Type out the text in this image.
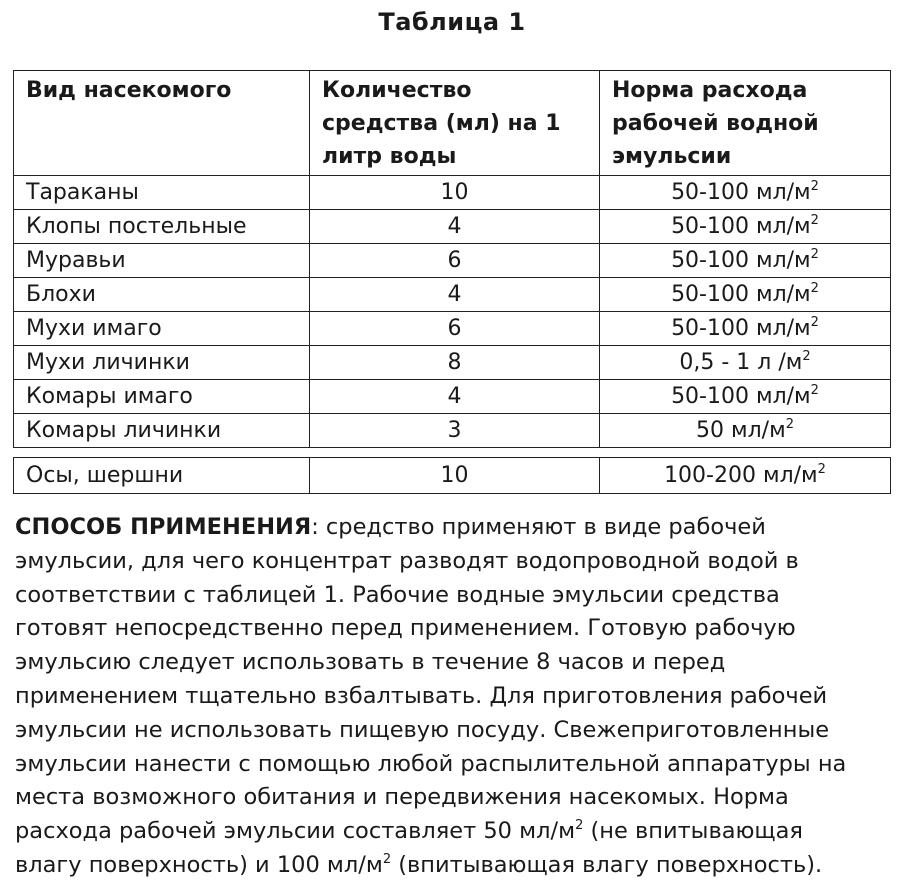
Таблица 1
Вид насекомого	Количество средства (мл) на 1 литр воды	Норма расхода рабочей водной эмульсии
Тараканы	10	50-100 $мл/м^2$
Клопы постельные	4	50-100 $мл/м^2$
Муравьи	6	50-100 $мл/м^2$
Блохи	4	50-100 $мл/м^2$
Мухи имаго	6	50-100 $мл/м^2$
Мухи личинки	8	0,5 - 1 л $/м^2$
Комары имаго	4	50-100 $мл/м^2$
Комары личинки	3	50 $мл/м^2$
Осы, шершни	10	100-200 $мл/м^2$
СПОСОБ ПРИМЕНЕНИЯ: средство применяют в виде рабочей
эмульсии, для чего концентрат разводят водопроводной водой в
соответствии с таблицей 1. Рабочие водные эмульсии средства
готовят непосредственно перед применением. Готовую рабочую
эмульсию следует использовать в течение 8 часов и перед
применением тщательно взбалтывать. Для приготовления рабочей
эмульсии не использовать пищевую посуду. Свежеприготовленные
эмульсии нанести с помощью любой распылительной аппаратуры на
места возможного обитания и передвижения насекомых. Норма
расхода рабочей эмульсии составляет 50 $мл/м^2$ (не впитывающая
влагу поверхность) и 100 $мл/м^2$ (впитывающая влагу поверхность).
